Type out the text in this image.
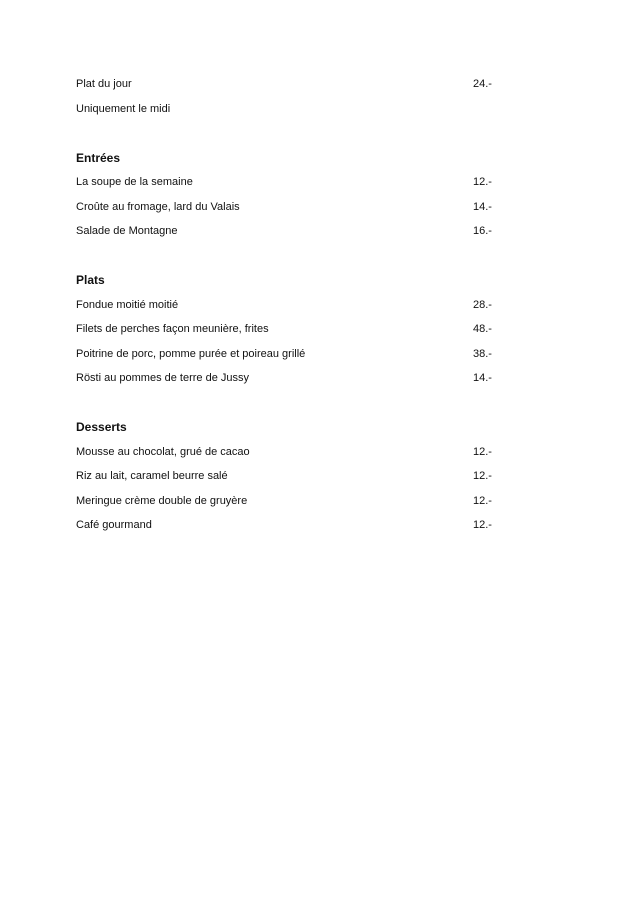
Plat du jour	24.-
Uniquement le midi
Entrées
La soupe de la semaine	12.-
Croûte au fromage, lard du Valais	14.-
Salade de Montagne	16.-
Plats
Fondue moitié moitié	28.-
Filets de perches façon meunière, frites	48.-
Poitrine de porc, pomme purée et poireau grillé	38.-
Rösti au pommes de terre de Jussy	14.-
Desserts
Mousse au chocolat, grué de cacao	12.-
Riz au lait, caramel beurre salé	12.-
Meringue crème double de gruyère	12.-
Café gourmand	12.-
